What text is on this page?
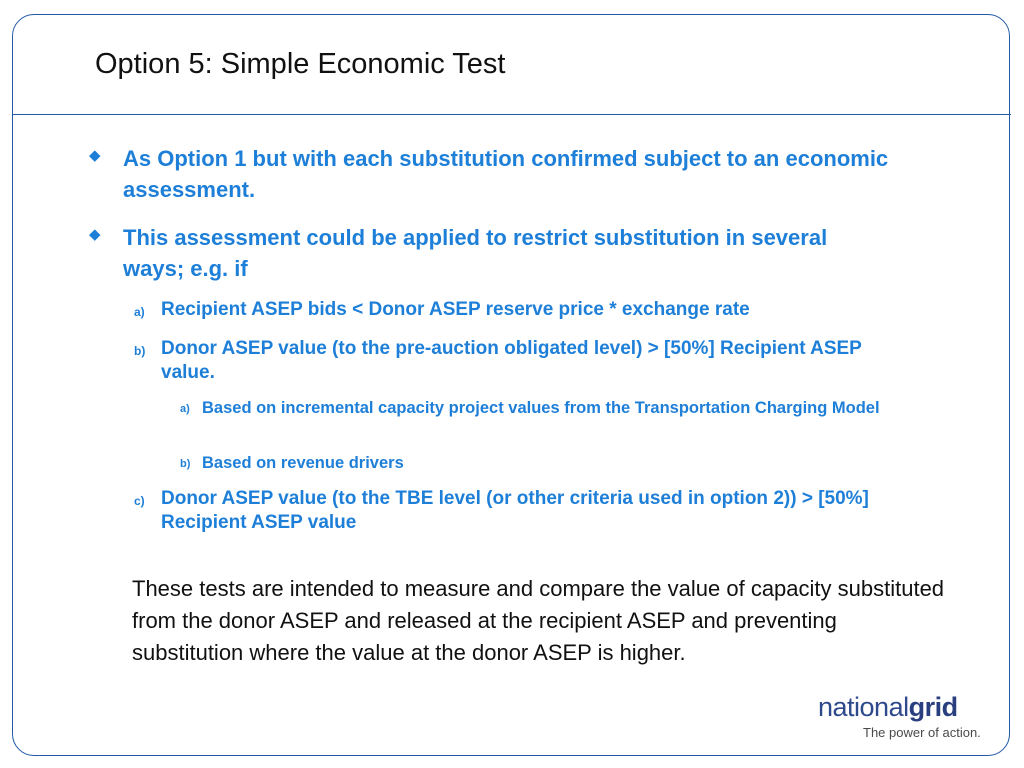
Option 5: Simple Economic Test
◆ As Option 1 but with each substitution confirmed subject to an economic assessment.
◆ This assessment could be applied to restrict substitution in several ways; e.g. if
a) Recipient ASEP bids < Donor ASEP reserve price * exchange rate
b) Donor ASEP value (to the pre-auction obligated level) > [50%] Recipient ASEP value.
a) Based on incremental capacity project values from the Transportation Charging Model
b) Based on revenue drivers
c) Donor ASEP value (to the TBE level (or other criteria used in option 2)) > [50%] Recipient ASEP value
These tests are intended to measure and compare the value of capacity substituted from the donor ASEP and released at the recipient ASEP and preventing substitution where the value at the donor ASEP is higher.
nationalgrid
The power of action.
